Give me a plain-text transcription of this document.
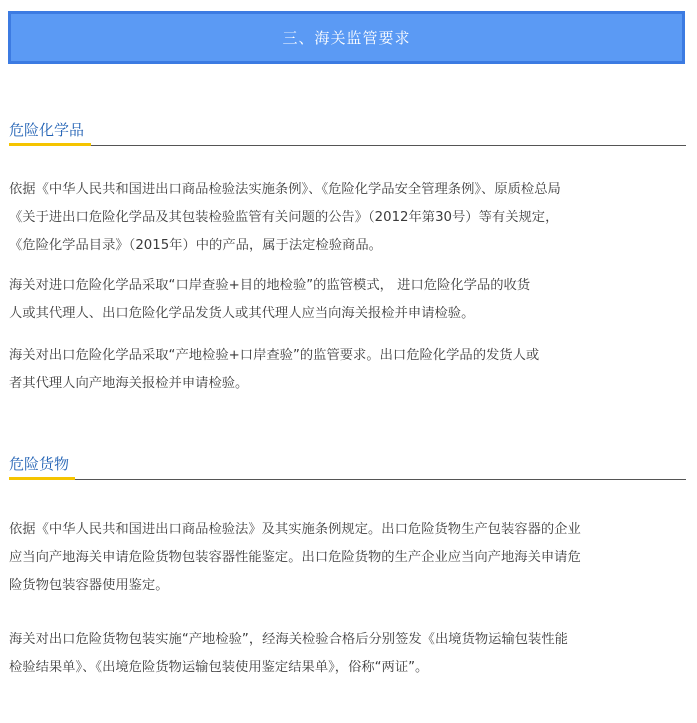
三、海关监管要求
危险化学品
依据《中华人民共和国进出口商品检验法实施条例》、《危险化学品安全管理条例》、原质检总局
《关于进出口危险化学品及其包装检验监管有关问题的公告》（2012年第30号）等有关规定，
《危险化学品目录》（2015年）中的产品，属于法定检验商品。
海关对进口危险化学品采取“口岸查验+目的地检验”的监管模式， 进口危险化学品的收货
人或其代理人、出口危险化学品发货人或其代理人应当向海关报检并申请检验。
海关对出口危险化学品采取“产地检验+口岸查验”的监管要求。出口危险化学品的发货人或
者其代理人向产地海关报检并申请检验。
危险货物
依据《中华人民共和国进出口商品检验法》及其实施条例规定。出口危险货物生产包装容器的企业
应当向产地海关申请危险货物包装容器性能鉴定。出口危险货物的生产企业应当向产地海关申请危
险货物包装容器使用鉴定。
海关对出口危险货物包装实施“产地检验”，经海关检验合格后分别签发《出境货物运输包装性能
检验结果单》、《出境危险货物运输包装使用鉴定结果单》，俗称“两证”。
